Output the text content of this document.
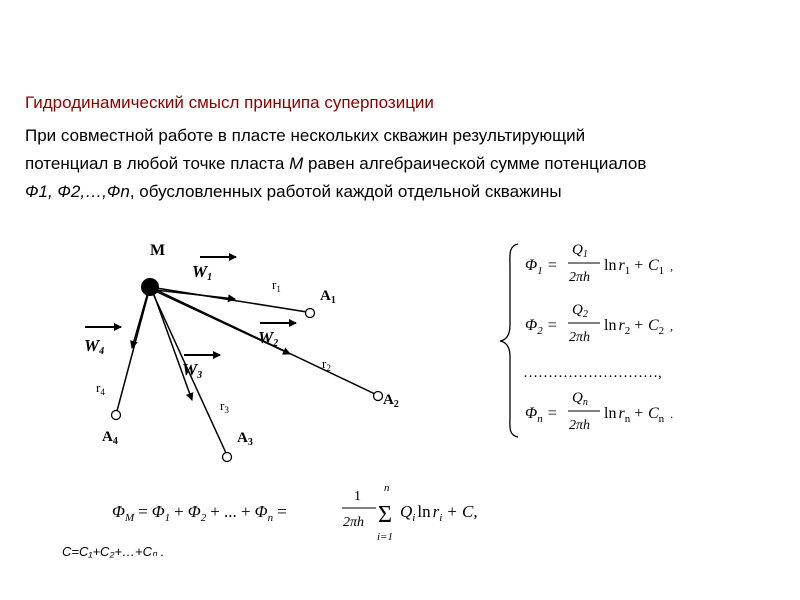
Гидродинамический смысл принципа суперпозиции
При совместной работе в пласте нескольких скважин результирующий
потенциал в любой точке пласта М равен алгебраической сумме потенциалов
Ф1, Ф2,…,Фn, обусловленных работой каждой отдельной скважины
M
$A_1$
$A_2$
$A_3$
$A_4$
$r_1$
$r_2$
$r_3$
$r_4$
W1
W2
W3
W4
$\Phi_1$ =
$Q_1$
2πh
$\ln r_1 + C_1$ ,
$\Phi_2$ =
$Q_2$
2πh
$\ln r_2 + C_2$ ,
………………………,
$\Phi_n$ =
$Q_n$
2πh
$\ln r_n + C_n$ .
$\Phi_M = \Phi_1 + \Phi_2$ + ... + $\Phi_n$ =
1
2πh
n
Σ
i=1
$Q_i$ $\ln r_i + C$,
C=C₁+C₂+…+Cₙ .
